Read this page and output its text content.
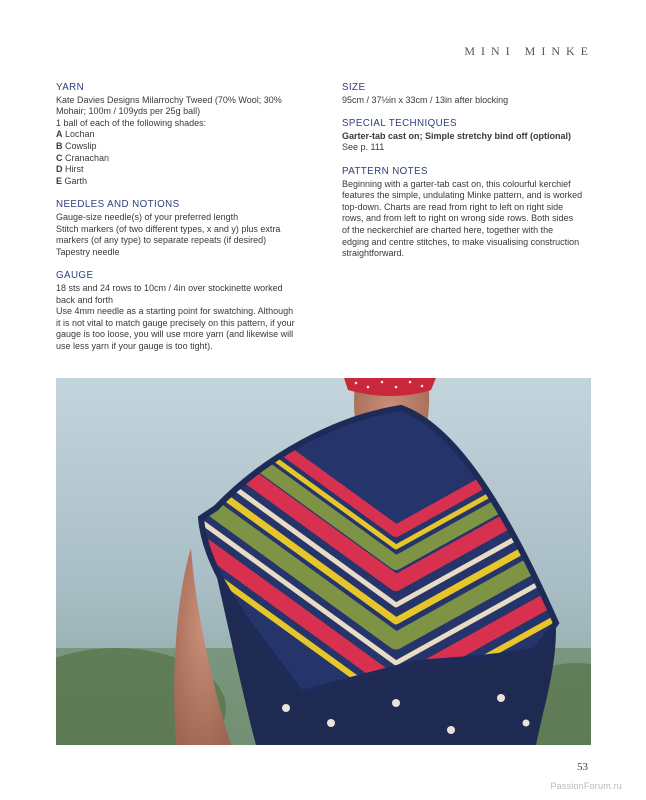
MINI MINKE
YARN
Kate Davies Designs Milarrochy Tweed (70% Wool; 30%
Mohair; 100m / 109yds per 25g ball)
1 ball of each of the following shades:
A Lochan
B Cowslip
C Cranachan
D Hirst
E Garth
NEEDLES AND NOTIONS
Gauge-size needle(s) of your preferred length
Stitch markers (of two different types, x and y) plus extra
markers (of any type) to separate repeats (if desired)
Tapestry needle
GAUGE
18 sts and 24 rows to 10cm / 4in over stockinette worked
back and forth
Use 4mm needle as a starting point for swatching. Although
it is not vital to match gauge precisely on this pattern, if your
gauge is too loose, you will use more yarn (and likewise will
use less yarn if your gauge is too tight).
SIZE
95cm / 37½in x 33cm / 13in after blocking
SPECIAL TECHNIQUES
Garter-tab cast on; Simple stretchy bind off (optional)
See p. 111
PATTERN NOTES
Beginning with a garter-tab cast on, this colourful kerchief
features the simple, undulating Minke pattern, and is worked
top-down. Charts are read from right to left on right side
rows, and from left to right on wrong side rows. Both sides
of the neckerchief are charted here, together with the
edging and centre stitches, to make visualising construction
straightforward.
53
PassionForum.ru
